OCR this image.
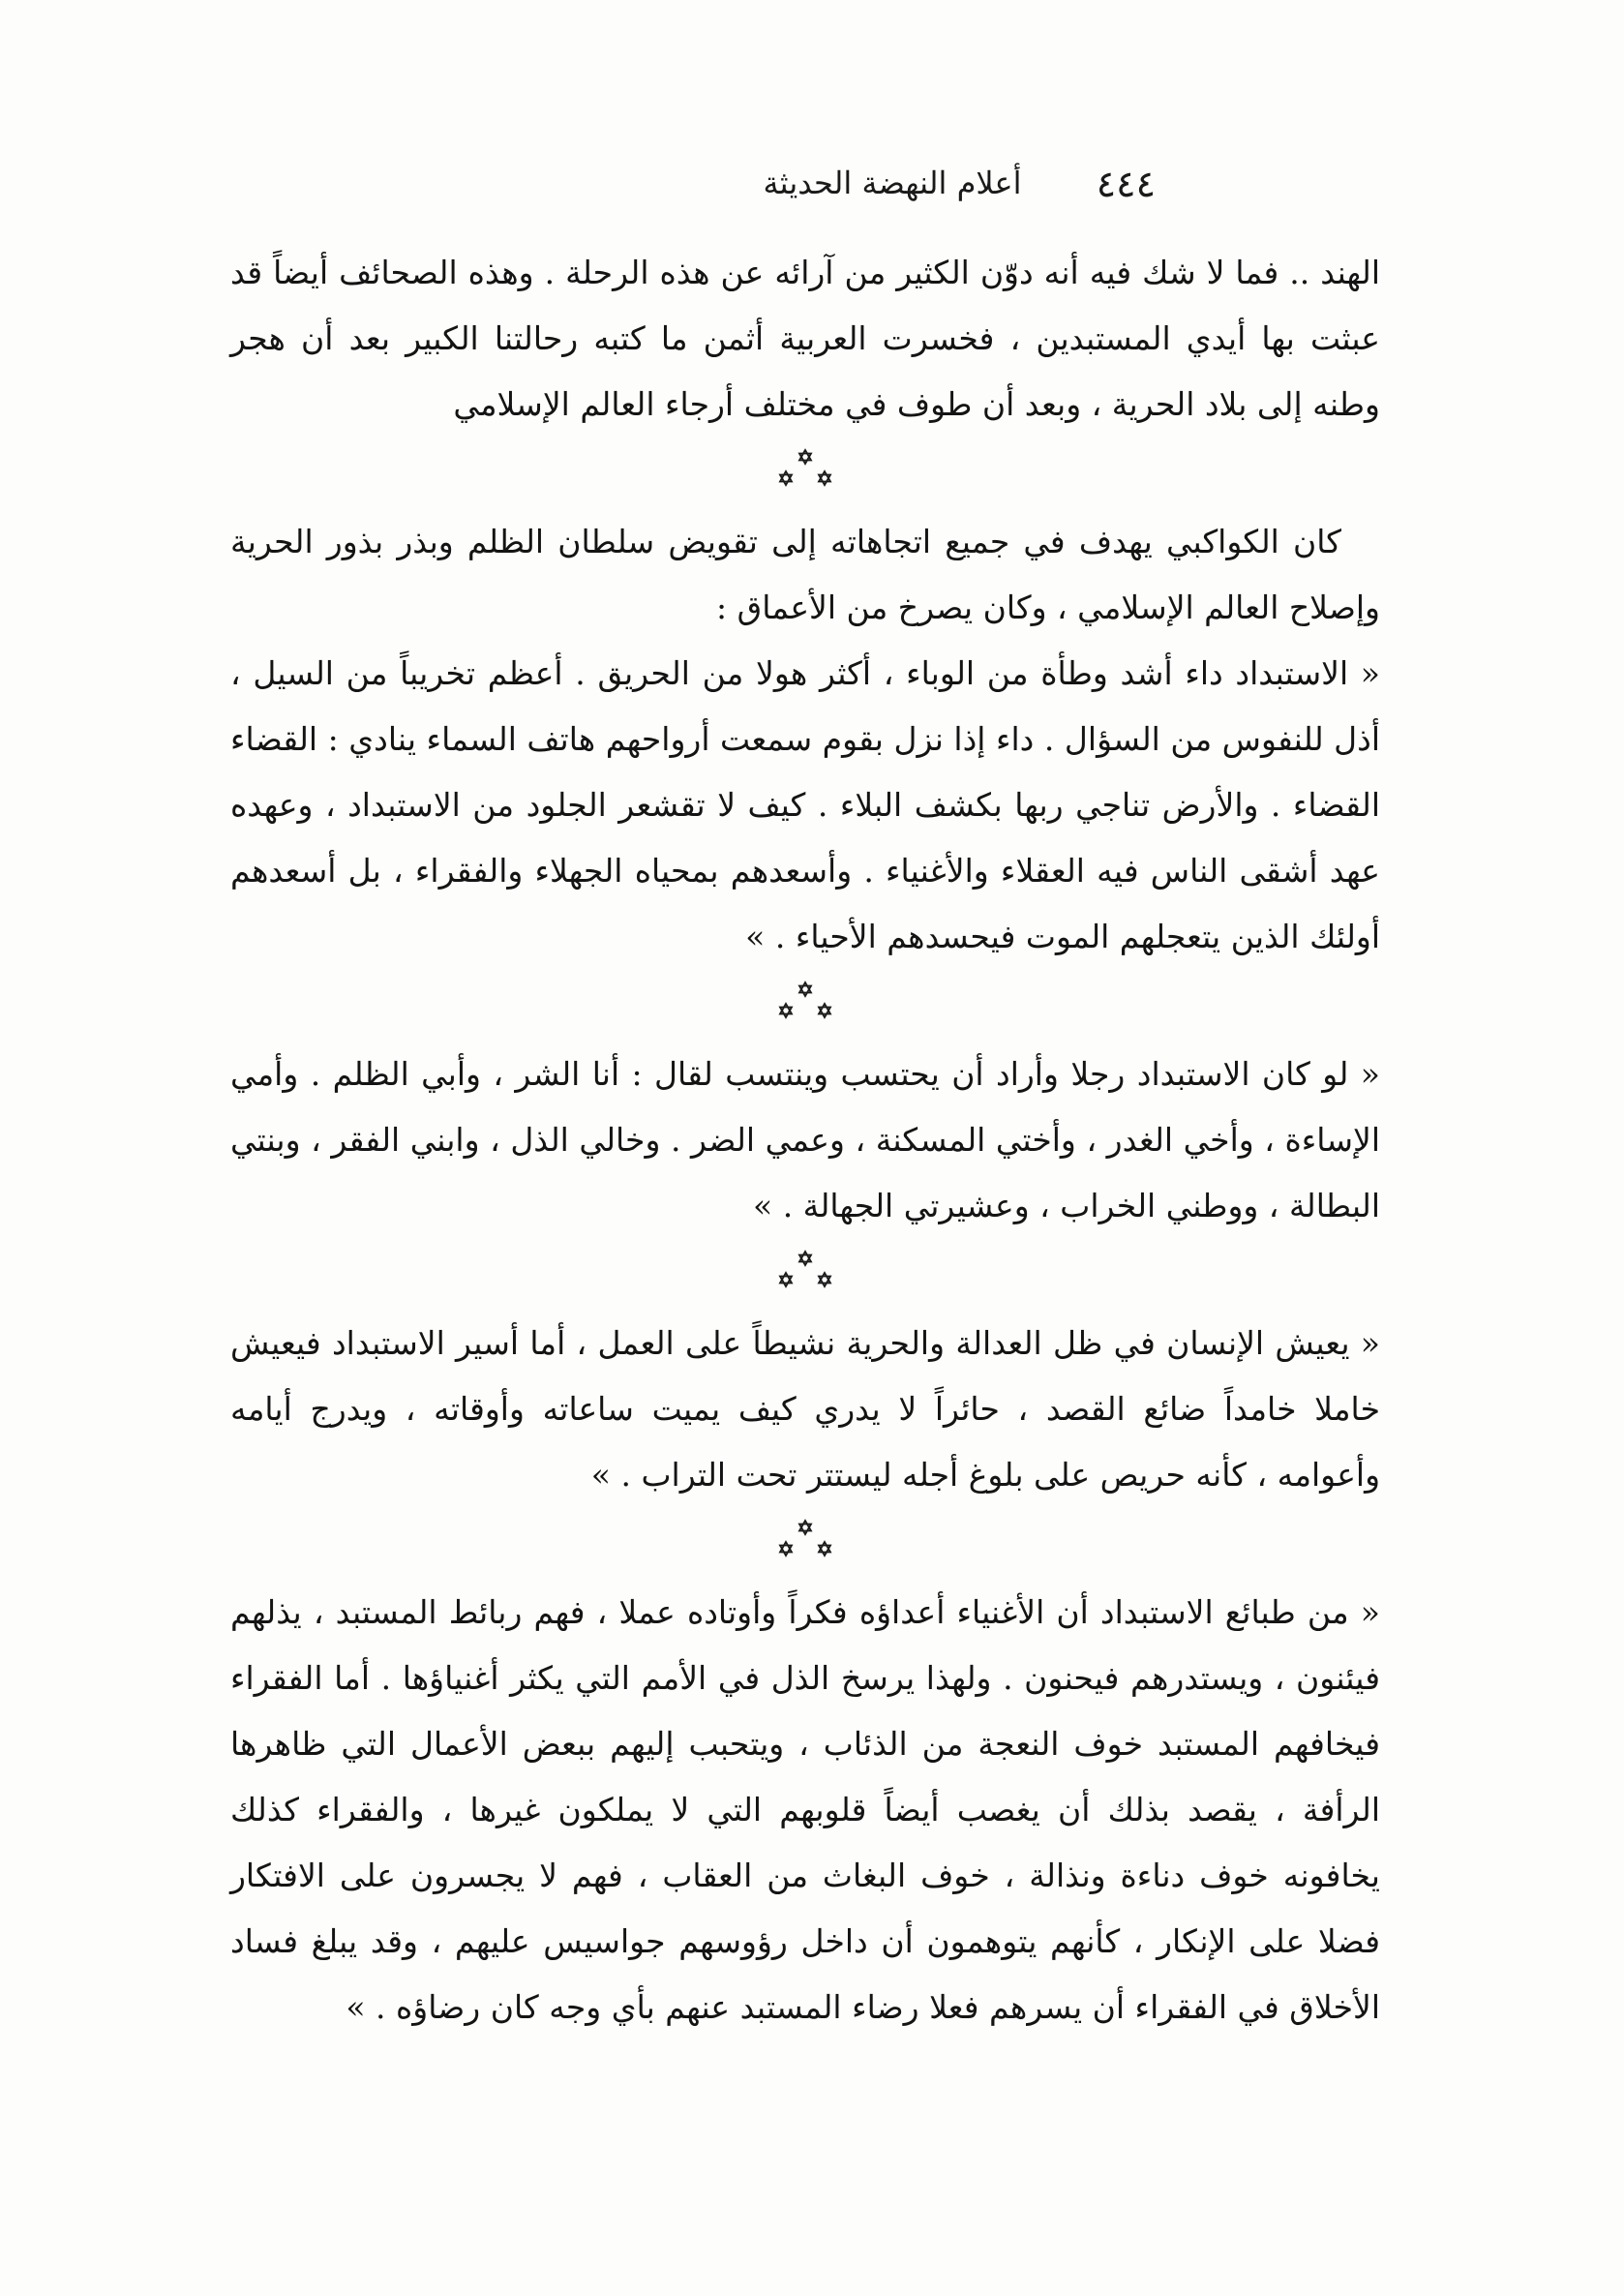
٤٤٤
أعلام النهضة الحديثة

الهند .. فما لا شك فيه أنه دوّن الكثير من آرائه عن هذه الرحلة . وهذه الصحائف أيضاً قد عبثت بها أيدي المستبدين ، فخسرت العربية أثمن ما كتبه رحالتنا الكبير بعد أن هجر وطنه إلى بلاد الحرية ، وبعد أن طوف في مختلف أرجاء العالم الإسلامي

كان الكواكبي يهدف في جميع اتجاهاته إلى تقويض سلطان الظلم وبذر بذور الحرية وإصلاح العالم الإسلامي ، وكان يصرخ من الأعماق :

« الاستبداد داء أشد وطأة من الوباء ، أكثر هولا من الحريق . أعظم تخريباً من السيل ، أذل للنفوس من السؤال . داء إذا نزل بقوم سمعت أرواحهم هاتف السماء ينادي : القضاء القضاء . والأرض تناجي ربها بكشف البلاء . كيف لا تقشعر الجلود من الاستبداد ، وعهده عهد أشقى الناس فيه العقلاء والأغنياء . وأسعدهم بمحياه الجهلاء والفقراء ، بل أسعدهم أولئك الذين يتعجلهم الموت فيحسدهم الأحياء . »

« لو كان الاستبداد رجلا وأراد أن يحتسب وينتسب لقال : أنا الشر ، وأبي الظلم . وأمي الإساءة ، وأخي الغدر ، وأختي المسكنة ، وعمي الضر . وخالي الذل ، وابني الفقر ، وبنتي البطالة ، ووطني الخراب ، وعشيرتي الجهالة . »

« يعيش الإنسان في ظل العدالة والحرية نشيطاً على العمل ، أما أسير الاستبداد فيعيش خاملا خامداً ضائع القصد ، حائراً لا يدري كيف يميت ساعاته وأوقاته ، ويدرج أيامه وأعوامه ، كأنه حريص على بلوغ أجله ليستتر تحت التراب . »

« من طبائع الاستبداد أن الأغنياء أعداؤه فكراً وأوتاده عملا ، فهم ربائط المستبد ، يذلهم فيئنون ، ويستدرهم فيحنون . ولهذا يرسخ الذل في الأمم التي يكثر أغنياؤها . أما الفقراء فيخافهم المستبد خوف النعجة من الذئاب ، ويتحبب إليهم ببعض الأعمال التي ظاهرها الرأفة ، يقصد بذلك أن يغصب أيضاً قلوبهم التي لا يملكون غيرها ، والفقراء كذلك يخافونه خوف دناءة ونذالة ، خوف البغاث من العقاب ، فهم لا يجسرون على الافتكار فضلا على الإنكار ، كأنهم يتوهمون أن داخل رؤوسهم جواسيس عليهم ، وقد يبلغ فساد الأخلاق في الفقراء أن يسرهم فعلا رضاء المستبد عنهم بأي وجه كان رضاؤه . »
